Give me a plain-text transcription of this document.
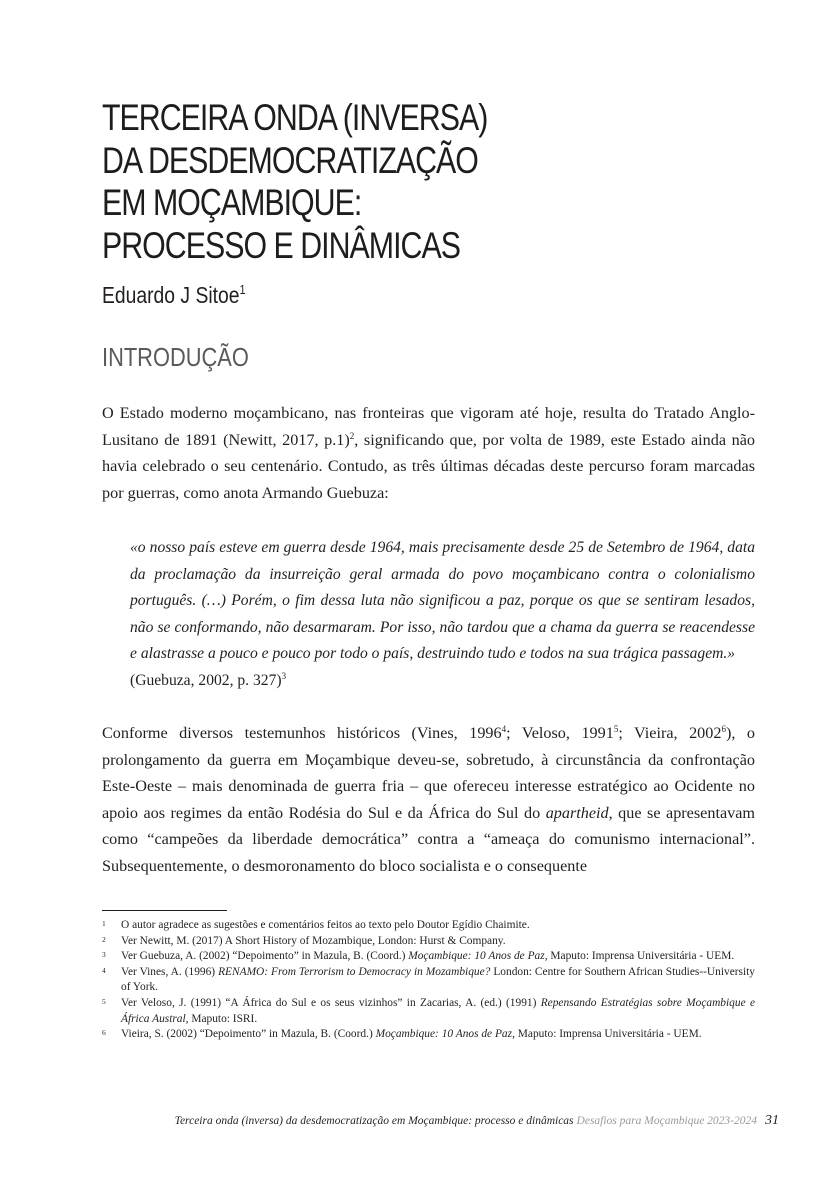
TERCEIRA ONDA (INVERSA)
DA DESDEMOCRATIZAÇÃO
EM MOÇAMBIQUE:
PROCESSO E DINÂMICAS
Eduardo J Sitoe$^1$
INTRODUÇÃO

O Estado moderno moçambicano, nas fronteiras que vigoram até hoje, resulta do Tratado Anglo-Lusitano de 1891 (Newitt, 2017, p.1)$^2$, significando que, por volta de 1989, este Estado ainda não havia celebrado o seu centenário. Contudo, as três últimas décadas deste percurso foram marcadas por guerras, como anota Armando Guebuza:

«o nosso país esteve em guerra desde 1964, mais precisamente desde 25 de Setembro de 1964, data da proclamação da insurreição geral armada do povo moçambicano contra o colonialismo português. (…) Porém, o fim dessa luta não significou a paz, porque os que se sentiram lesados, não se conformando, não desarmaram. Por isso, não tardou que a chama da guerra se reacendesse e alastrasse a pouco e pouco por todo o país, destruindo tudo e todos na sua trágica passagem.»
(Guebuza, 2002, p. 327)$^3$

Conforme diversos testemunhos históricos (Vines, 1996$^4$; Veloso, 1991$^5$; Vieira, 2002$^6$), o prolongamento da guerra em Moçambique deveu-se, sobretudo, à circunstância da confrontação Este-Oeste – mais denominada de guerra fria – que ofereceu interesse estratégico ao Ocidente no apoio aos regimes da então Rodésia do Sul e da África do Sul do apartheid, que se apresentavam como “campeões da liberdade democrática” contra a “ameaça do comunismo internacional”. Subsequentemente, o desmoronamento do bloco socialista e o consequente

1 O autor agradece as sugestões e comentários feitos ao texto pelo Doutor Egídio Chaimite.
2 Ver Newitt, M. (2017) A Short History of Mozambique, London: Hurst & Company.
3 Ver Guebuza, A. (2002) “Depoimento” in Mazula, B. (Coord.) Moçambique: 10 Anos de Paz, Maputo: Imprensa Universitária - UEM.
4 Ver Vines, A. (1996) RENAMO: From Terrorism to Democracy in Mozambique? London: Centre for Southern African Studies--University of York.
5 Ver Veloso, J. (1991) “A África do Sul e os seus vizinhos” in Zacarias, A. (ed.) (1991) Repensando Estratégias sobre Moçambique e África Austral, Maputo: ISRI.
6 Vieira, S. (2002) “Depoimento” in Mazula, B. (Coord.) Moçambique: 10 Anos de Paz, Maputo: Imprensa Universitária - UEM.
Terceira onda (inversa) da desdemocratização em Moçambique: processo e dinâmicas Desafios para Moçambique 2023-2024 31
